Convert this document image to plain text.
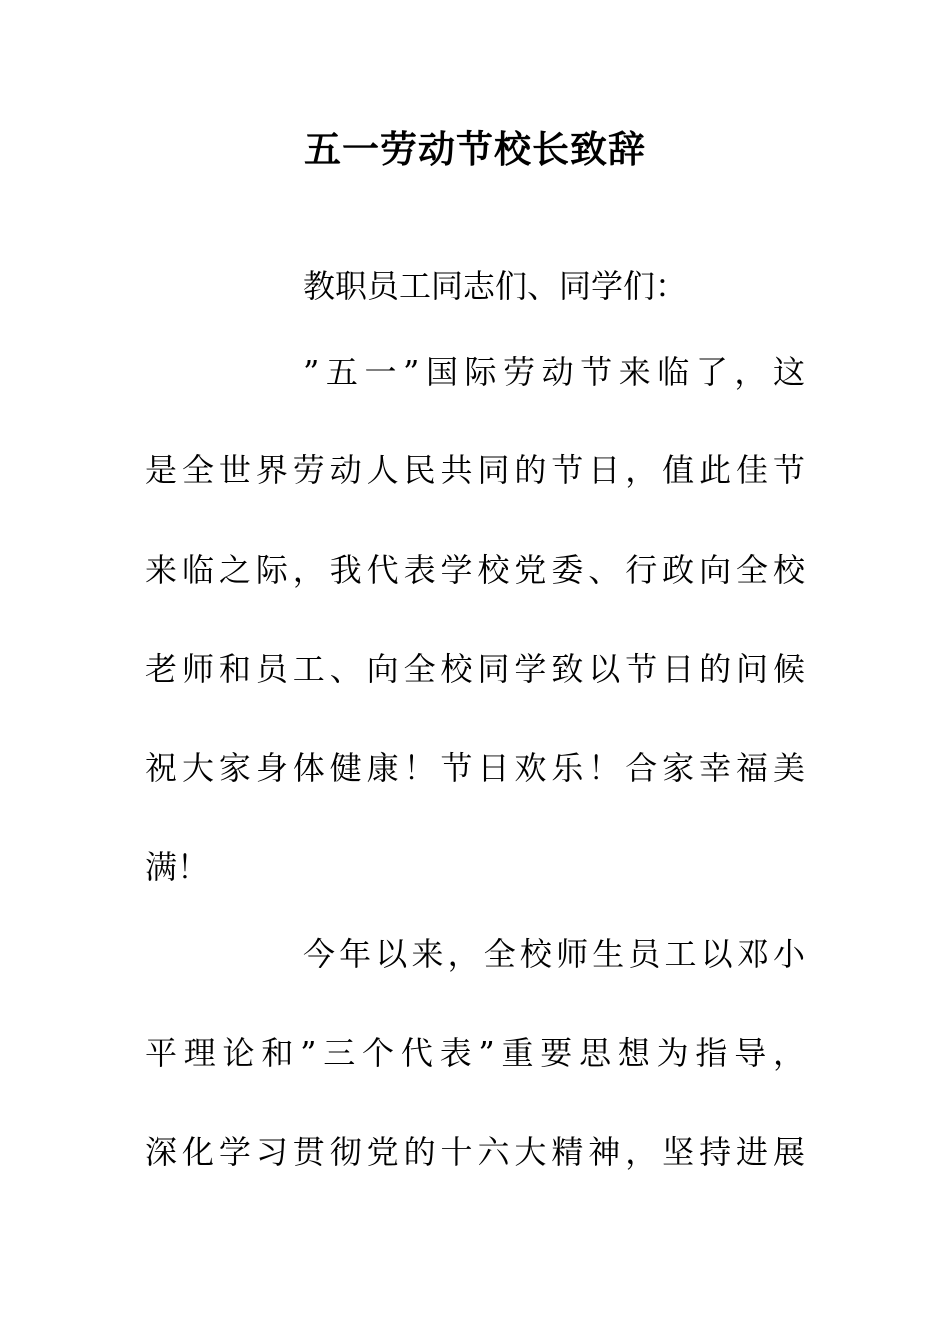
五一劳动节校长致辞

教职员工同志们、同学们：

”五一”国际劳动节来临了，这

是全世界劳动人民共同的节日，值此佳节

来临之际，我代表学校党委、行政向全校

老师和员工、向全校同学致以节日的问候

祝大家身体健康！节日欢乐！合家幸福美

满！

今年以来，全校师生员工以邓小

平理论和”三个代表”重要思想为指导，

深化学习贯彻党的十六大精神，坚持进展
